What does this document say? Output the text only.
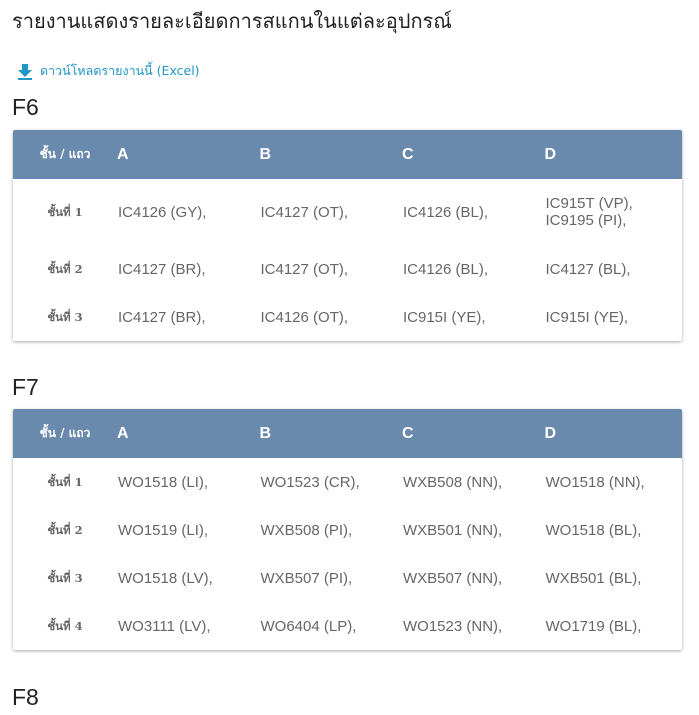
รายงานแสดงรายละเอียดการสแกนในแต่ละอุปกรณ์
ดาวน์โหลดรายงานนี้ (Excel)
F6
ชั้น / แถว	A	B	C	D
ชั้นที่ 1	IC4126 (GY),	IC4127 (OT),	IC4126 (BL),	IC915T (VP), IC9195 (PI),
ชั้นที่ 2	IC4127 (BR),	IC4127 (OT),	IC4126 (BL),	IC4127 (BL),
ชั้นที่ 3	IC4127 (BR),	IC4126 (OT),	IC915I (YE),	IC915I (YE),
F7
ชั้น / แถว	A	B	C	D
ชั้นที่ 1	WO1518 (LI),	WO1523 (CR),	WXB508 (NN),	WO1518 (NN),
ชั้นที่ 2	WO1519 (LI),	WXB508 (PI),	WXB501 (NN),	WO1518 (BL),
ชั้นที่ 3	WO1518 (LV),	WXB507 (PI),	WXB507 (NN),	WXB501 (BL),
ชั้นที่ 4	WO3111 (LV),	WO6404 (LP),	WO1523 (NN),	WO1719 (BL),
F8
